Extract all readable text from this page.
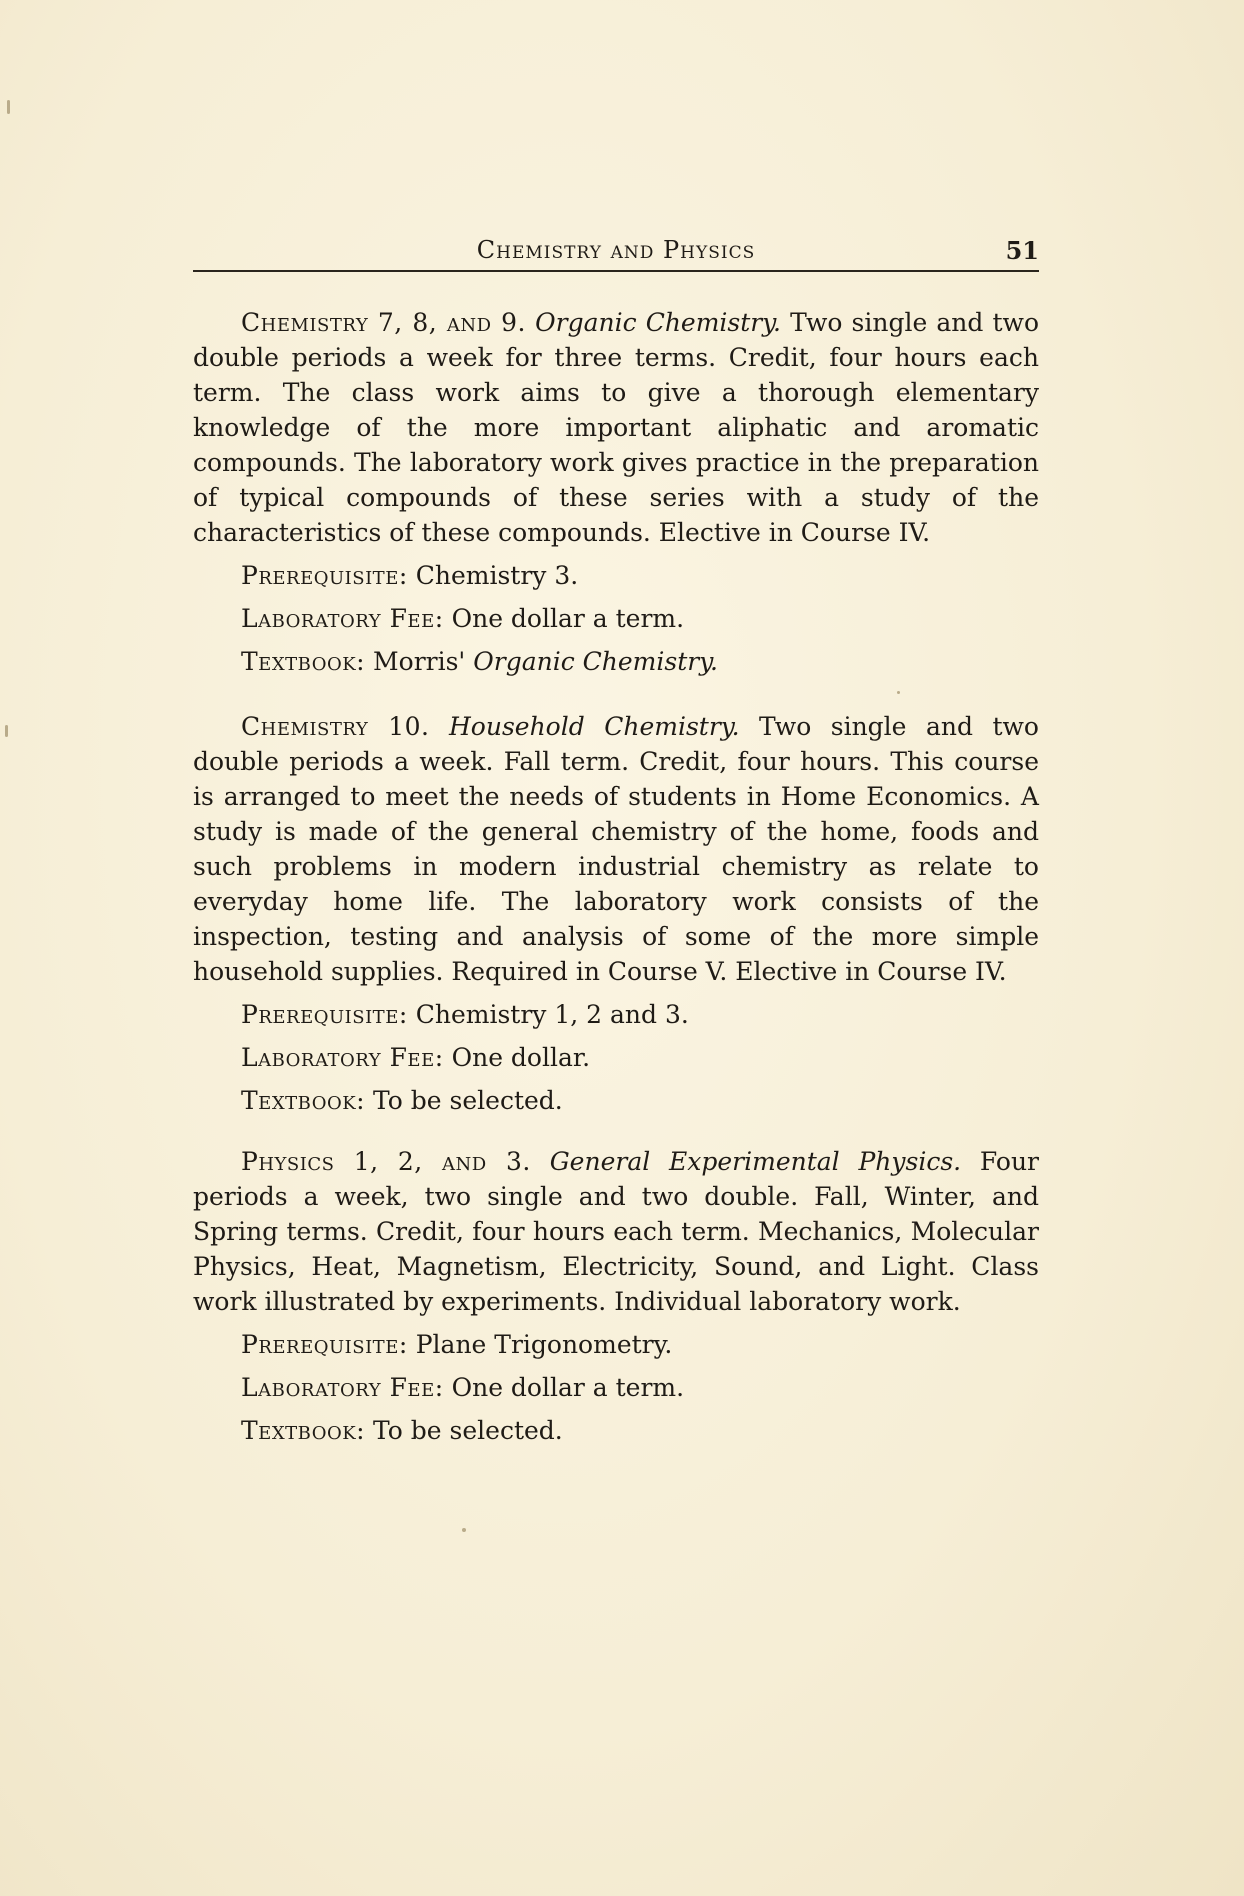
Chemistry and Physics	51

Chemistry 7, 8, and 9. Organic Chemistry. Two single and two double periods a week for three terms. Credit, four hours each term. The class work aims to give a thorough elementary knowledge of the more important aliphatic and aromatic compounds. The laboratory work gives practice in the preparation of typical compounds of these series with a study of the characteristics of these compounds. Elective in Course IV.

Prerequisite: Chemistry 3.

Laboratory Fee: One dollar a term.

Textbook: Morris' Organic Chemistry.

Chemistry 10. Household Chemistry. Two single and two double periods a week. Fall term. Credit, four hours. This course is arranged to meet the needs of students in Home Economics. A study is made of the general chemistry of the home, foods and such problems in modern industrial chemistry as relate to everyday home life. The laboratory work consists of the inspection, testing and analysis of some of the more simple household supplies. Required in Course V. Elective in Course IV.

Prerequisite: Chemistry 1, 2 and 3.

Laboratory Fee: One dollar.

Textbook: To be selected.

Physics 1, 2, and 3. General Experimental Physics. Four periods a week, two single and two double. Fall, Winter, and Spring terms. Credit, four hours each term. Mechanics, Molecular Physics, Heat, Magnetism, Electricity, Sound, and Light. Class work illustrated by experiments. Individual laboratory work.

Prerequisite: Plane Trigonometry.

Laboratory Fee: One dollar a term.

Textbook: To be selected.
